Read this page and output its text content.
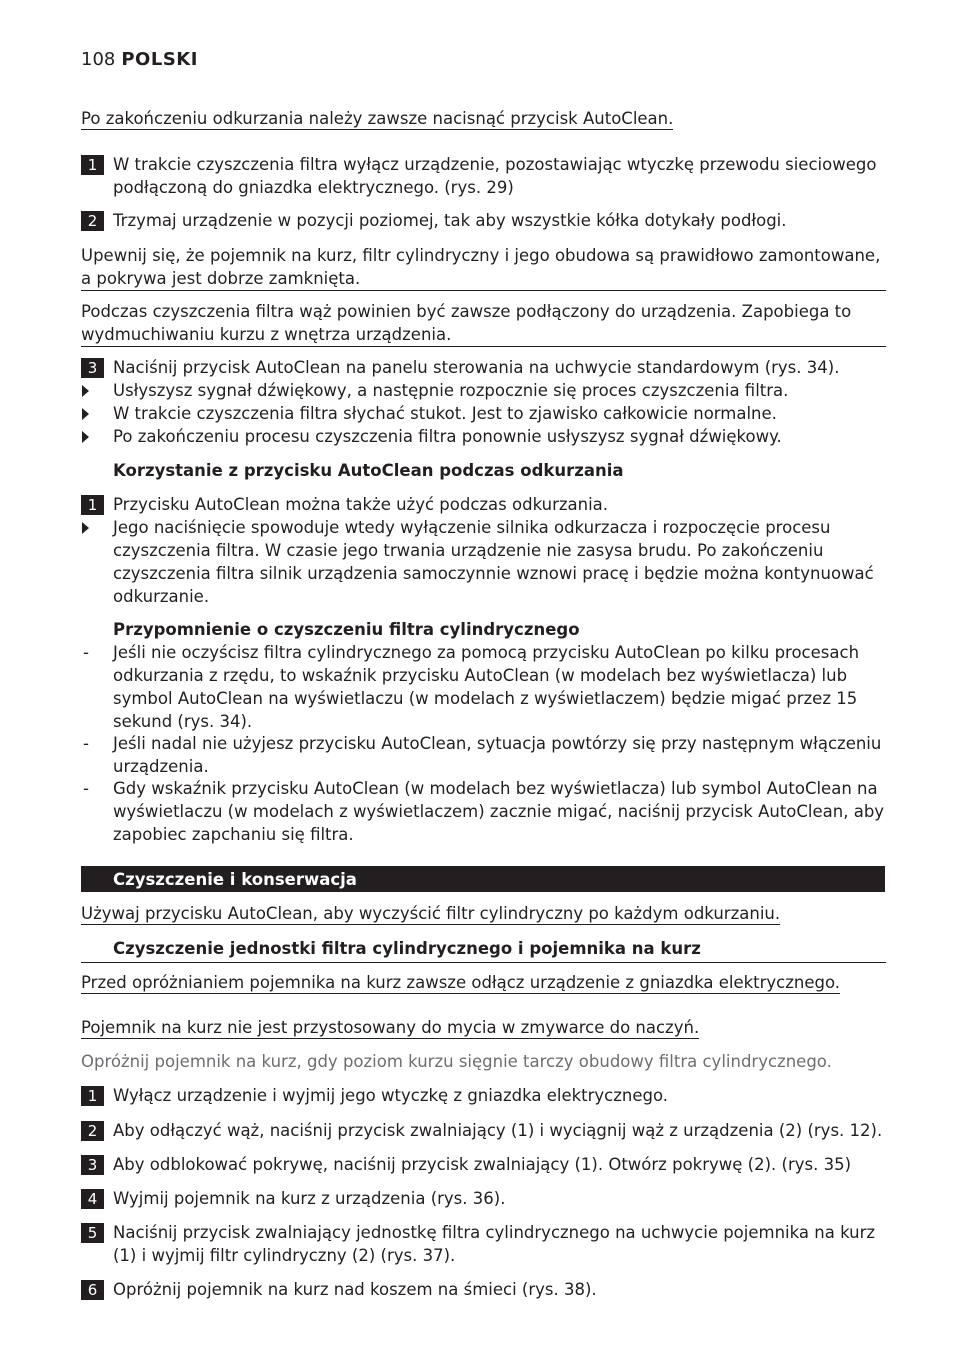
108 POLSKI
Po zakończeniu odkurzania należy zawsze nacisnąć przycisk AutoClean.
1 W trakcie czyszczenia filtra wyłącz urządzenie, pozostawiając wtyczkę przewodu sieciowego podłączoną do gniazdka elektrycznego. (rys. 29)
2 Trzymaj urządzenie w pozycji poziomej, tak aby wszystkie kółka dotykały podłogi.
Upewnij się, że pojemnik na kurz, filtr cylindryczny i jego obudowa są prawidłowo zamontowane, a pokrywa jest dobrze zamknięta.
Podczas czyszczenia filtra wąż powinien być zawsze podłączony do urządzenia. Zapobiega to wydmuchiwaniu kurzu z wnętrza urządzenia.
3 Naciśnij przycisk AutoClean na panelu sterowania na uchwycie standardowym (rys. 34).
Usłyszysz sygnał dźwiękowy, a następnie rozpocznie się proces czyszczenia filtra.
W trakcie czyszczenia filtra słychać stukot. Jest to zjawisko całkowicie normalne.
Po zakończeniu procesu czyszczenia filtra ponownie usłyszysz sygnał dźwiękowy.
Korzystanie z przycisku AutoClean podczas odkurzania
1 Przycisku AutoClean można także użyć podczas odkurzania.
Jego naciśnięcie spowoduje wtedy wyłączenie silnika odkurzacza i rozpoczęcie procesu czyszczenia filtra. W czasie jego trwania urządzenie nie zasysa brudu. Po zakończeniu czyszczenia filtra silnik urządzenia samoczynnie wznowi pracę i będzie można kontynuować odkurzanie.
Przypomnienie o czyszczeniu filtra cylindrycznego
- Jeśli nie oczyścisz filtra cylindrycznego za pomocą przycisku AutoClean po kilku procesach odkurzania z rzędu, to wskaźnik przycisku AutoClean (w modelach bez wyświetlacza) lub symbol AutoClean na wyświetlaczu (w modelach z wyświetlaczem) będzie migać przez 15 sekund (rys. 34).
- Jeśli nadal nie użyjesz przycisku AutoClean, sytuacja powtórzy się przy następnym włączeniu urządzenia.
- Gdy wskaźnik przycisku AutoClean (w modelach bez wyświetlacza) lub symbol AutoClean na wyświetlaczu (w modelach z wyświetlaczem) zacznie migać, naciśnij przycisk AutoClean, aby zapobiec zapchaniu się filtra.
Czyszczenie i konserwacja
Używaj przycisku AutoClean, aby wyczyścić filtr cylindryczny po każdym odkurzaniu.
Czyszczenie jednostki filtra cylindrycznego i pojemnika na kurz
Przed opróżnianiem pojemnika na kurz zawsze odłącz urządzenie z gniazdka elektrycznego.
Pojemnik na kurz nie jest przystosowany do mycia w zmywarce do naczyń.
Opróżnij pojemnik na kurz, gdy poziom kurzu sięgnie tarczy obudowy filtra cylindrycznego.
1 Wyłącz urządzenie i wyjmij jego wtyczkę z gniazdka elektrycznego.
2 Aby odłączyć wąż, naciśnij przycisk zwalniający (1) i wyciągnij wąż z urządzenia (2) (rys. 12).
3 Aby odblokować pokrywę, naciśnij przycisk zwalniający (1). Otwórz pokrywę (2). (rys. 35)
4 Wyjmij pojemnik na kurz z urządzenia (rys. 36).
5 Naciśnij przycisk zwalniający jednostkę filtra cylindrycznego na uchwycie pojemnika na kurz (1) i wyjmij filtr cylindryczny (2) (rys. 37).
6 Opróżnij pojemnik na kurz nad koszem na śmieci (rys. 38).
